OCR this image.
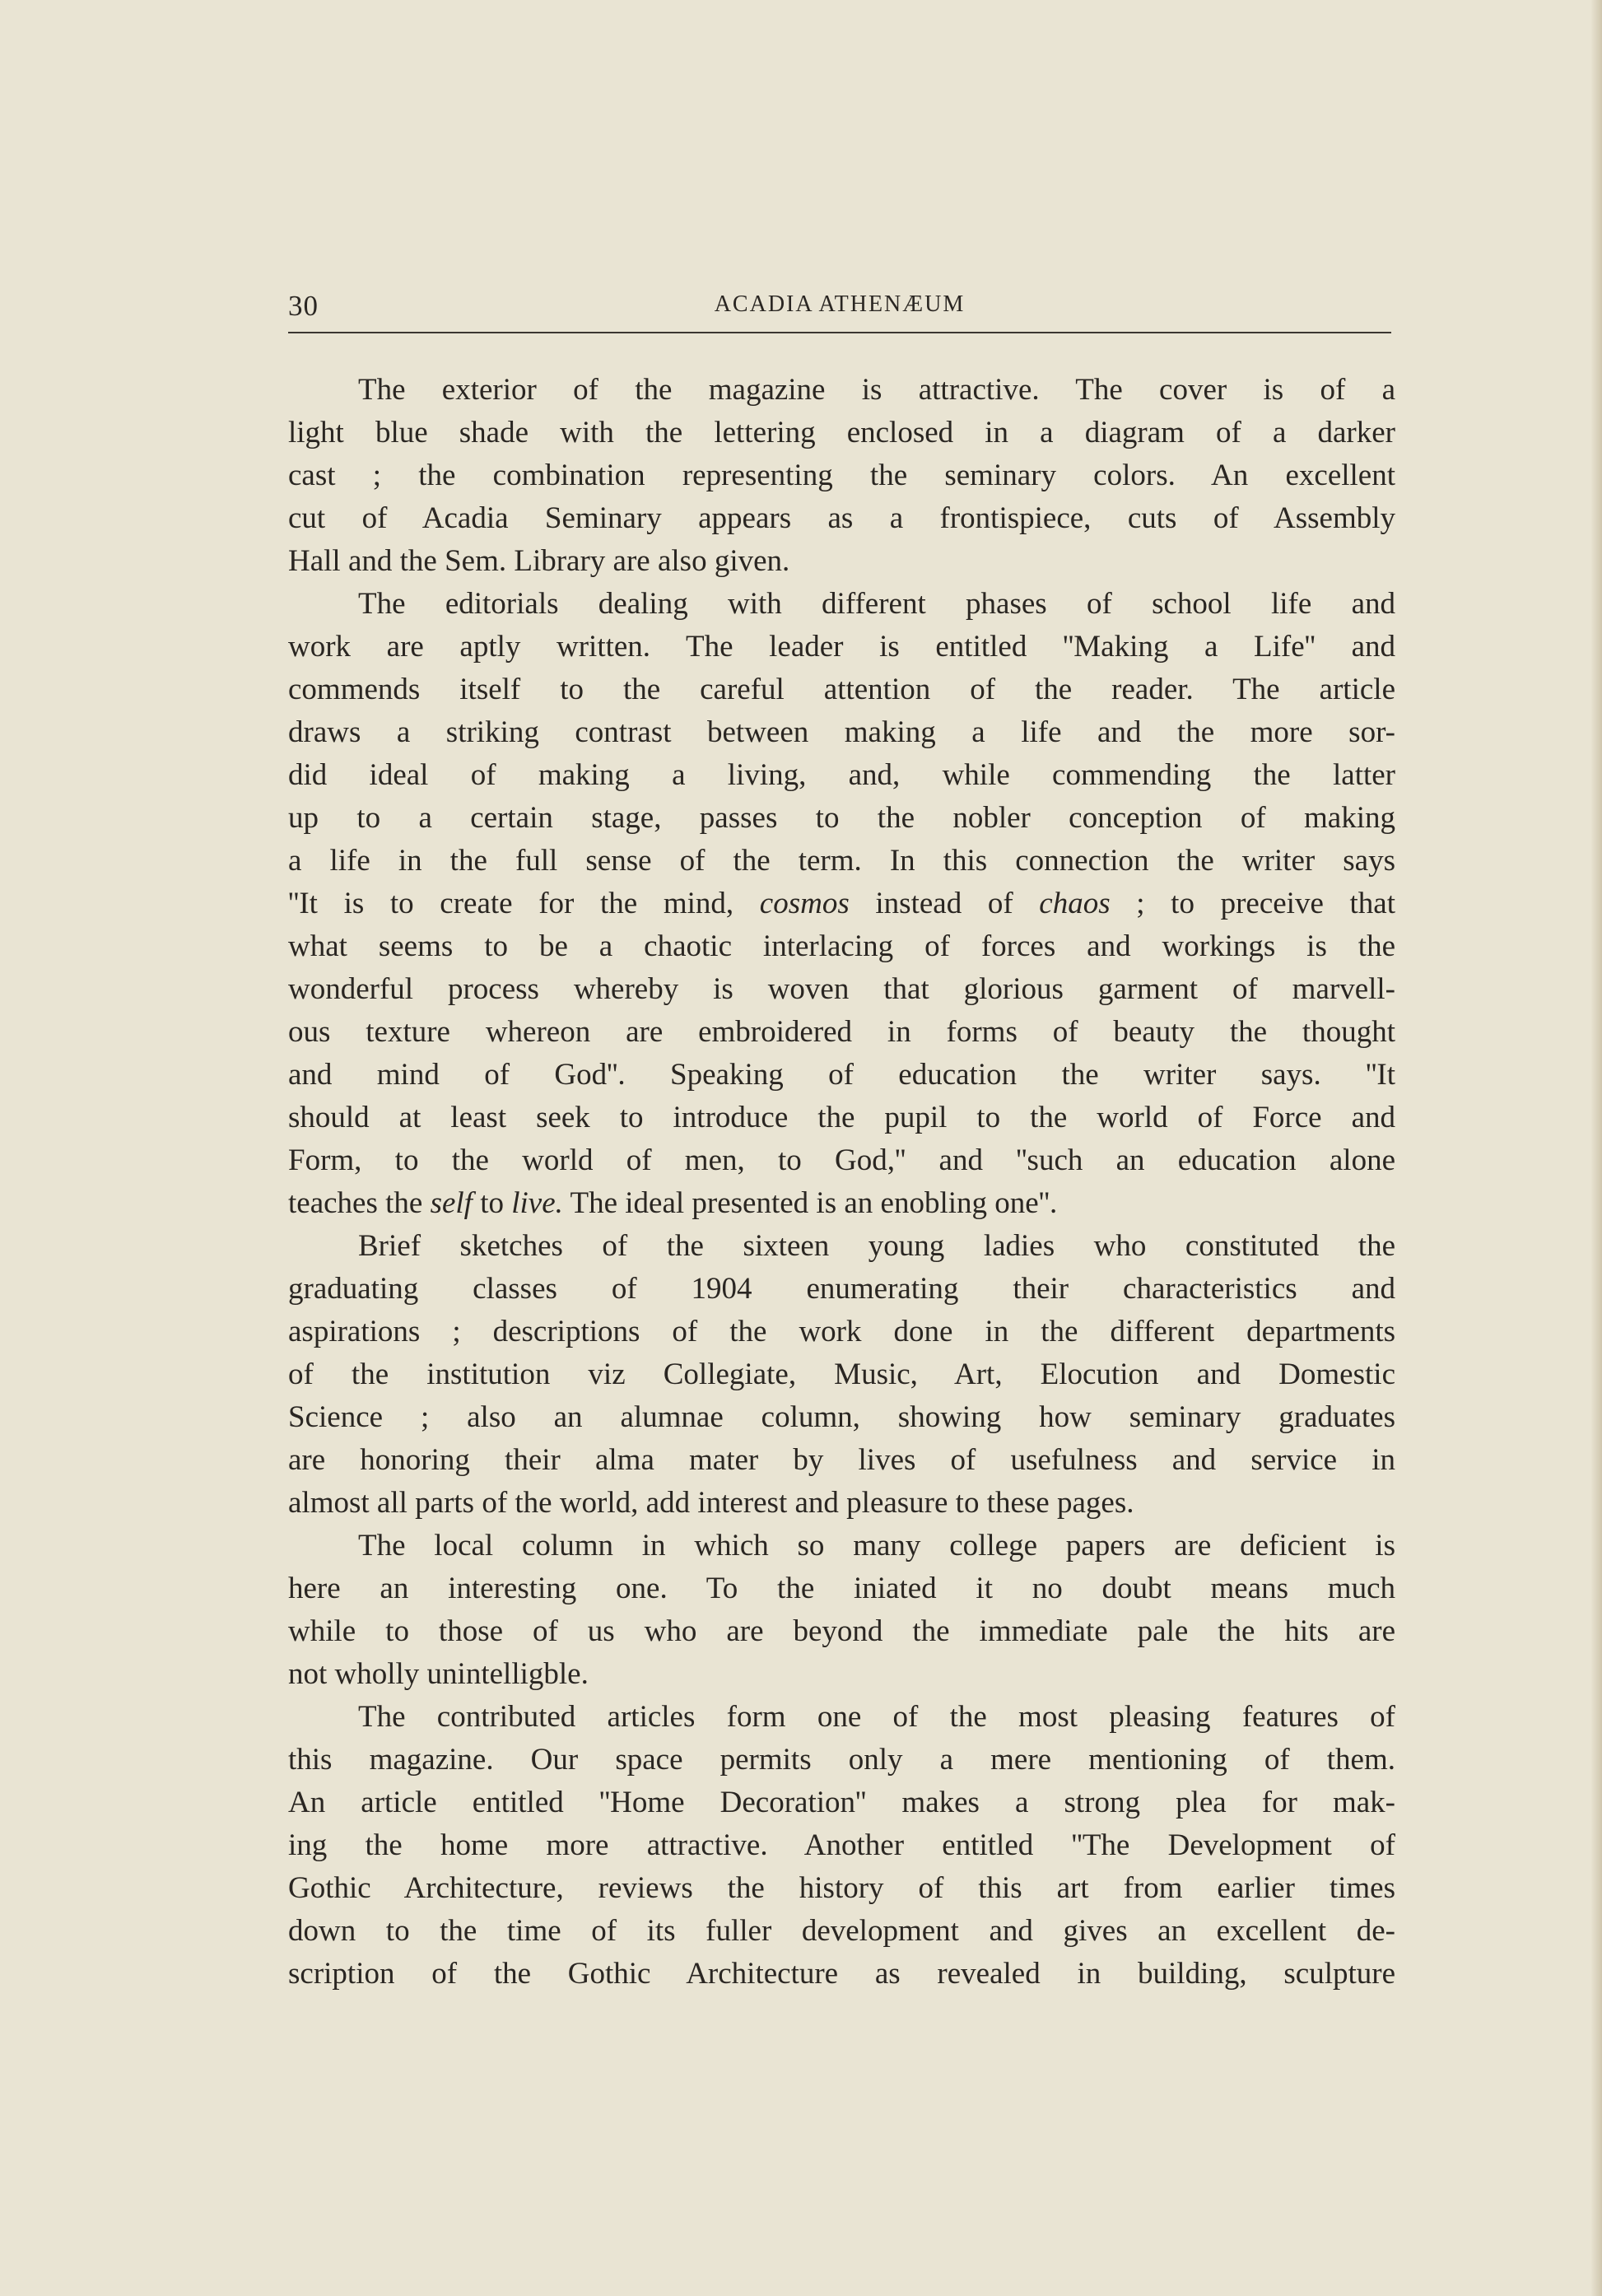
30	ACADIA ATHENÆUM
The exterior of the magazine is attractive. The cover is of a
light blue shade with the lettering enclosed in a diagram of a darker
cast ; the combination representing the seminary colors. An excellent
cut of Acadia Seminary appears as a frontispiece, cuts of Assembly
Hall and the Sem. Library are also given.
The editorials dealing with different phases of school life and
work are aptly written. The leader is entitled ''Making a Life'' and
commends itself to the careful attention of the reader. The article
draws a striking contrast between making a life and the more sor-
did ideal of making a living, and, while commending the latter
up to a certain stage, passes to the nobler conception of making
a life in the full sense of the term. In this connection the writer says
''It is to create for the mind, cosmos instead of chaos ; to preceive that
what seems to be a chaotic interlacing of forces and workings is the
wonderful process whereby is woven that glorious garment of marvell-
ous texture whereon are embroidered in forms of beauty the thought
and mind of God''. Speaking of education the writer says. ''It
should at least seek to introduce the pupil to the world of Force and
Form, to the world of men, to God,'' and ''such an education alone
teaches the self to live. The ideal presented is an enobling one''.
Brief sketches of the sixteen young ladies who constituted the
graduating classes of 1904 enumerating their characteristics and
aspirations ; descriptions of the work done in the different departments
of the institution viz Collegiate, Music, Art, Elocution and Domestic
Science ; also an alumnae column, showing how seminary graduates
are honoring their alma mater by lives of usefulness and service in
almost all parts of the world, add interest and pleasure to these pages.
The local column in which so many college papers are deficient is
here an interesting one. To the iniated it no doubt means much
while to those of us who are beyond the immediate pale the hits are
not wholly unintelligble.
The contributed articles form one of the most pleasing features of
this magazine. Our space permits only a mere mentioning of them.
An article entitled ''Home Decoration'' makes a strong plea for mak-
ing the home more attractive. Another entitled ''The Development of
Gothic Architecture, reviews the history of this art from earlier times
down to the time of its fuller development and gives an excellent de-
scription of the Gothic Architecture as revealed in building, sculpture
